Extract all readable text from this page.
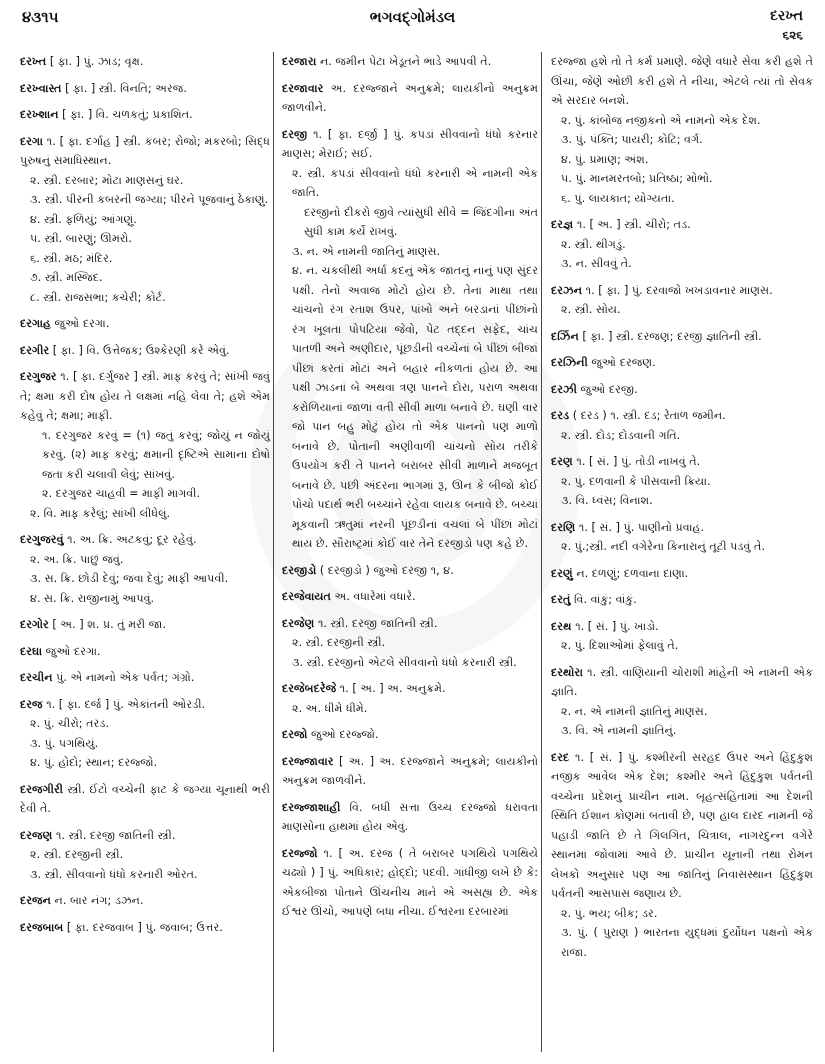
૪૩૧૫	ભગવદ્ગોમંડલ	દરખ્ત
૬૨૬

દરખ્ત [ ફા. ] પું. ઝાડ; વૃક્ષ.

દરખ્વાસ્ત [ ફા. ] સ્ત્રી. વિનતિ; અરજ.

દરખ્શાન [ ફા. ] વિ. ચળકતું; પ્રકાશિત.

દરગા ૧. [ ફા. દર્ગાહ ] સ્ત્રી. કબર; રોજો; મકરબો; સિદ્ધ પુરુષનું સમાધિસ્થાન.
૨. સ્ત્રી. દરબાર; મોટા માણસનું ઘર.
૩. સ્ત્રી. પીરની કબરની જગ્યા; પીરને પૂજવાનું ઠેકાણું.
૪. સ્ત્રી. ફળિયું; આંગણું.
૫. સ્ત્રી. બારણું; ઊમરો.
૬. સ્ત્રી. મઠ; મંદિર.
૭. સ્ત્રી. મસ્જિદ.
૮. સ્ત્રી. રાજસભા; કચેરી; કોર્ટ.

દરગાહ જુઓ દરગા.

દરગીર [ ફા. ] વિ. ઉત્તેજક; ઉશ્કેરણી કરે એવું.

દરગુજર ૧. [ ફા. દર્ગુજર ] સ્ત્રી. માફ કરવું તે; સાંખી જવું તે; ક્ષમા કરી દોષ હોય તે લક્ષમાં નહિ લેવા તે; હશે એમ કહેવું તે; ક્ષમા; માફી.
૧. દરગુજર કરવું = (૧) જતું કરવું; જોયું ન જોયું કરવું. (૨) માફ કરવું; ક્ષમાની દૃષ્ટિએ સામાના દોષો જતા કરી ચલાવી લેવું; સાંખવું.
૨. દરગુજર ચાહવી = માફી માગવી.
૨. વિ. માફ કરેલું; સાંખી લીધેલું.

દરગુજરવું ૧. અ. ક્રિ. અટકવું; દૂર રહેવું.
૨. અ. ક્રિ. પાછું જવું.
૩. સ. ક્રિ. છોડી દેવું; જવા દેવું; માફી આપવી.
૪. સ. ક્રિ. રાજીનામું આપવું.

દરગોર [ અ. ] શ. પ્ર. તું મરી જા.

દરઘા જુઓ દરગા.

દરચીન પું. એ નામનો એક પર્વત; ગંગ્રો.

દરજ ૧. [ ફા. દર્જ ] પું. એકાંતની ઓરડી.
૨. પું. ચીરો; તરડ.
૩. પું. પગથિયું.
૪. પું. હોદો; સ્થાન; દરજ્જો.

દરજગીરી સ્ત્રી. ઈંટો વચ્ચેની ફાટ કે જગ્યા ચૂનાથી ભરી દેવી તે.

દરજણ ૧. સ્ત્રી. દરજી જાતિની સ્ત્રી.
૨. સ્ત્રી. દરજીની સ્ત્રી.
૩. સ્ત્રી. સીવવાનો ધંધો કરનારી ઓરત.

દરજન ન. બાર નંગ; ડઝન.

દરજબાબ [ ફા. દરજવાબ ] પું. જવાબ; ઉત્તર.

દરજારા ન. જમીન પેટા ખેડૂતને ભાડે આપવી તે.

દરજાવાર અ. દરજ્જાને અનુક્રમે; લાયકીનો અનુક્રમ જાળવીને.

દરજી ૧. [ ફા. દર્જી ] પું. કપડાં સીવવાનો ધંધો કરનાર માણસ; મેરાઈ; સઈ.
૨. સ્ત્રી. કપડાં સીવવાનો ધંધો કરનારી એ નામની એક જાતિ.
દરજીનો દીકરો જીવે ત્યાંસુધી સીવે = જિંદગીના અંત સુધી કામ કર્યે રાખવું.
૩. ન. એ નામની જાતિનું માણસ.
૪. ન. ચકલીથી અર્ધા કદનું એક જાતનું નાનું પણ સુંદર પક્ષી. તેનો અવાજ મોટો હોય છે. તેના માથા તથા ચાંચનો રંગ રતાશ ઉપર, પાંખો અને બરડાનાં પીંછાંનો રંગ ખૂલતા પોપટિયા જેવો, પેટ તદ્દન સફેદ, ચાંચ પાતળી અને અણીદાર, પૂંછડીની વચ્ચેનાં બે પીંછાં બીજાં પીંછાં કરતાં મોટાં અને બહાર નીકળતાં હોય છે. આ પક્ષી ઝાડનાં બે અથવા ત્રણ પાનને દોરા, પરાળ અથવા કરોળિયાનાં જાળાં વતી સીવી માળા બનાવે છે. ઘણી વાર જો પાન બહુ મોટું હોય તો એક પાનનો પણ માળો બનાવે છે. પોતાની અણીવાળી ચાંચનો સોય તરીકે ઉપયોગ કરી તે પાનને બરાબર સીવી માળાને મજબૂત બનાવે છે. પછી અંદરના ભાગમાં રૂ, ઊન કે બીજો કોઈ પોચો પદાર્થ ભરી બચ્ચાંને રહેવા લાયક બનાવે છે. બચ્ચાં મૂકવાની ઋતુમાં નરની પૂંછડીનાં વચલાં બે પીંછાં મોટાં થાય છે. સૌરાષ્ટ્રમાં કોઈ વાર તેને દરજીડો પણ કહે છે.

દરજીડો ( દરજીડો ) જુઓ દરજી ૧, ૪.

દરજેવાયત અ. વધારેમાં વધારે.

દરજેણ ૧. સ્ત્રી. દરજી જાતિની સ્ત્રી.
૨. સ્ત્રી. દરજીની સ્ત્રી.
૩. સ્ત્રી. દરજીનો એટલે સીવવાનો ધંધો કરનારી સ્ત્રી.

દરજેબદરેજે ૧. [ અ. ] અ. અનુક્રમે.
૨. અ. ધીમે ધીમે.

દરજો જુઓ દરજ્જો.

દરજ્જાવાર [ અ. ] અ. દરજ્જાને અનુક્રમે; લાયકીનો અનુક્રમ જાળવીને.

દરજ્જાશાહી વિ. બધી સત્તા ઉચ્ચ દરજ્જો ધરાવતા માણસોના હાથમાં હોય એવું.

દરજ્જો ૧. [ અ. દરજ ( તે બરાબર પગથિયે પગથિયે ચઢ્યો ) ] પું. અધિકાર; હોદ્દો; પદવી. ગાંધીજી લખે છે કે: એકબીજા પોતાને ઊંચનીચ માને એ અસહ્ય છે. એક ઈશ્વર ઊંચો, આપણે બધા નીચા. ઈશ્વરના દરબારમાં

દરજ્જા હશે તો તે કર્મ પ્રમાણે. જેણે વધારે સેવા કરી હશે તે ઊંચા, જેણે ઓછી કરી હશે તે નીચા, એટલે ત્યાં તો સેવક એ સરદાર બનશે.
૨. પું. કાંબોજ નજીકનો એ નામનો એક દેશ.
૩. પું. પંક્તિ; પાયરી; કોટિ; વર્ગ.
૪. પું. પ્રમાણ; અંશ.
૫. પું. માનમરતબો; પ્રતિષ્ઠા; મોભો.
૬. પું. લાયકાત; યોગ્યતા.

દરજ્ઞ ૧. [ અ. ] સ્ત્રી. ચીરો; તડ.
૨. સ્ત્રી. થીગડું.
૩. ન. સીવવું તે.

દરઝન ૧. [ ફા. ] પું. દરવાજો ખખડાવનાર માણસ.
૨. સ્ત્રી. સોય.

દર્ઝિન [ ફા. ] સ્ત્રી. દરજણ; દરજી જ્ઞાતિની સ્ત્રી.

દરઝિની જુઓ દરજણ.

દરઝી જુઓ દરજી.

દરડ ( દરડ ) ૧. સ્ત્રી. દડ; રેતાળ જમીન.
૨. સ્ત્રી. દોડ; દોડવાની ગતિ.

દરણ ૧. [ સં. ] પું. તોડી નાખવું તે.
૨. પું. દળવાની કે પીસવાની ક્રિયા.
૩. વિ. ધ્વંસ; વિનાશ.

દરણિ ૧. [ સં. ] પું. પાણીનો પ્રવાહ.
૨. પું.;સ્ત્રી. નદી વગેરેના કિનારાનું તૂટી પડવું તે.

દરણું ન. દળણું; દળવાના દાણા.

દરતું વિ. વાંકું; વાંકું.

દરથ ૧. [ સં. ] પું. ખાડો.
૨. પું. દિશાઓમાં ફેલાવું તે.

દરથોરા ૧. સ્ત્રી. વાણિયાની ચોરાશી માંહેની એ નામની એક જ્ઞાતિ.
૨. ન. એ નામની જ્ઞાતિનું માણસ.
૩. વિ. એ નામની જ્ઞાતિનું.

દરદ ૧. [ સં. ] પું. કશ્મીરની સરહદ ઉપર અને હિંદુકુશ નજીક આવેલ એક દેશ; કશ્મીર અને હિંદુકુશ પર્વતની વચ્ચેના પ્રદેશનું પ્રાચીન નામ. બૃહત્સંહિતામાં આ દેશની સ્થિતિ ઈશાન કોણમાં બતાવી છે, પણ હાલ દારદ નામની જે પહાડી જાતિ છે તે ગિલગિત, ચિત્રાલ, નાગરદુન્ન વગેરે સ્થાનમાં જોવામાં આવે છે. પ્રાચીન યૂનાની તથા રોમન લેખકો અનુસાર પણ આ જાતિનું નિવાસસ્થાન હિંદુકુશ પર્વતની આસપાસ જણાય છે.
૨. પું. ભય; બીક; ડર.
૩. પું. ( પુરાણ ) ભારતના યુદ્ધમાં દુર્યોધન પક્ષનો એક રાજા.
